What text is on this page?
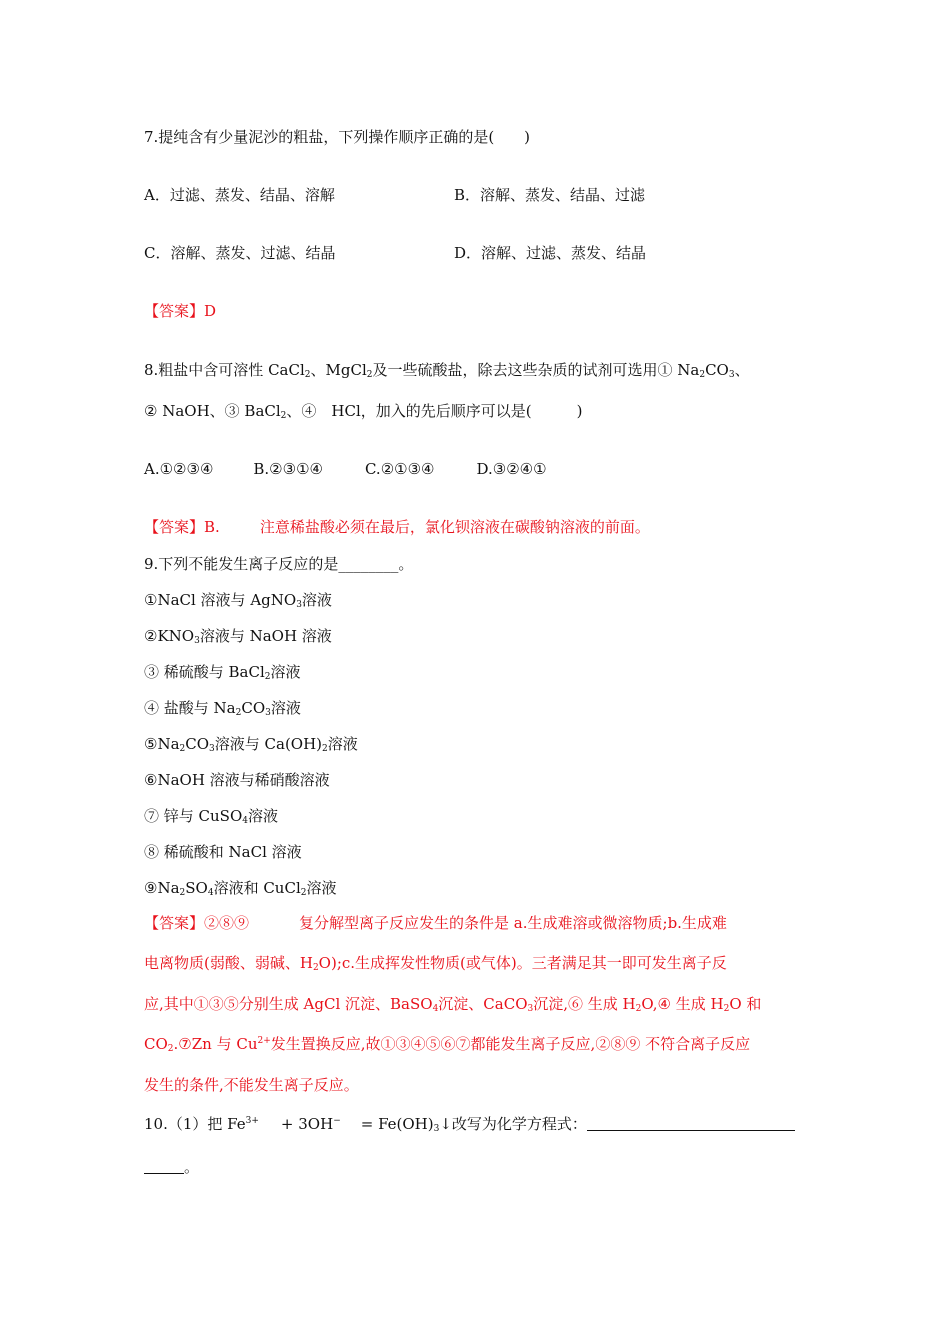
7.提纯含有少量泥沙的粗盐，下列操作顺序正确的是(　　)
A．过滤、蒸发、结晶、溶解	B．溶解、蒸发、结晶、过滤
C．溶解、蒸发、过滤、结晶	D．溶解、过滤、蒸发、结晶
【答案】D
8.粗盐中含可溶性 CaCl$_2$、MgCl$_2$及一些硫酸盐，除去这些杂质的试剂可选用① $Na_2CO_3$、
② NaOH、③ BaCl$_2$、④　HCl，加入的先后顺序可以是(　　　)
A.①②③④	B.②③①④	C.②①③④	D.③②④①
【答案】B.	注意稀盐酸必须在最后，氯化钡溶液在碳酸钠溶液的前面。
9.下列不能发生离子反应的是________。
①NaCl 溶液与 AgNO$_3$溶液
$②KNO_3$溶液与 NaOH 溶液
③ 稀硫酸与 BaCl$_2$溶液
④ 盐酸与 $Na_2CO_3$溶液
$⑤Na_2CO_3$溶液与 $Ca(OH)_2$溶液
⑥NaOH 溶液与稀硝酸溶液
⑦ 锌与 CuSO$_4$溶液
⑧ 稀硫酸和 NaCl 溶液
$⑨Na_2SO_4$溶液和 CuCl$_2$溶液
【答案】②⑧⑨	复分解型离子反应发生的条件是 a.生成难溶或微溶物质;b.生成难
电离物质(弱酸、弱碱、$H_2O);c$.生成挥发性物质(或气体)。三者满足其一即可发生离子反
应,其中①③⑤分别生成 AgCl 沉淀、BaSO$_4$沉淀、CaCO$_3$沉淀,⑥ 生成 $H_2O,④$ 生成 $H_2O$ 和
$CO_2.⑦Zn$ 与 $Cu^{2+}$发生置换反应,故①③④⑤⑥⑦都能发生离子反应,②⑧⑨ 不符合离子反应
发生的条件,不能发生离子反应。
10.（1）把 $Fe^{3+} + 3OH^-$ = $Fe(OH)_3↓$改写为化学方程式：
。
